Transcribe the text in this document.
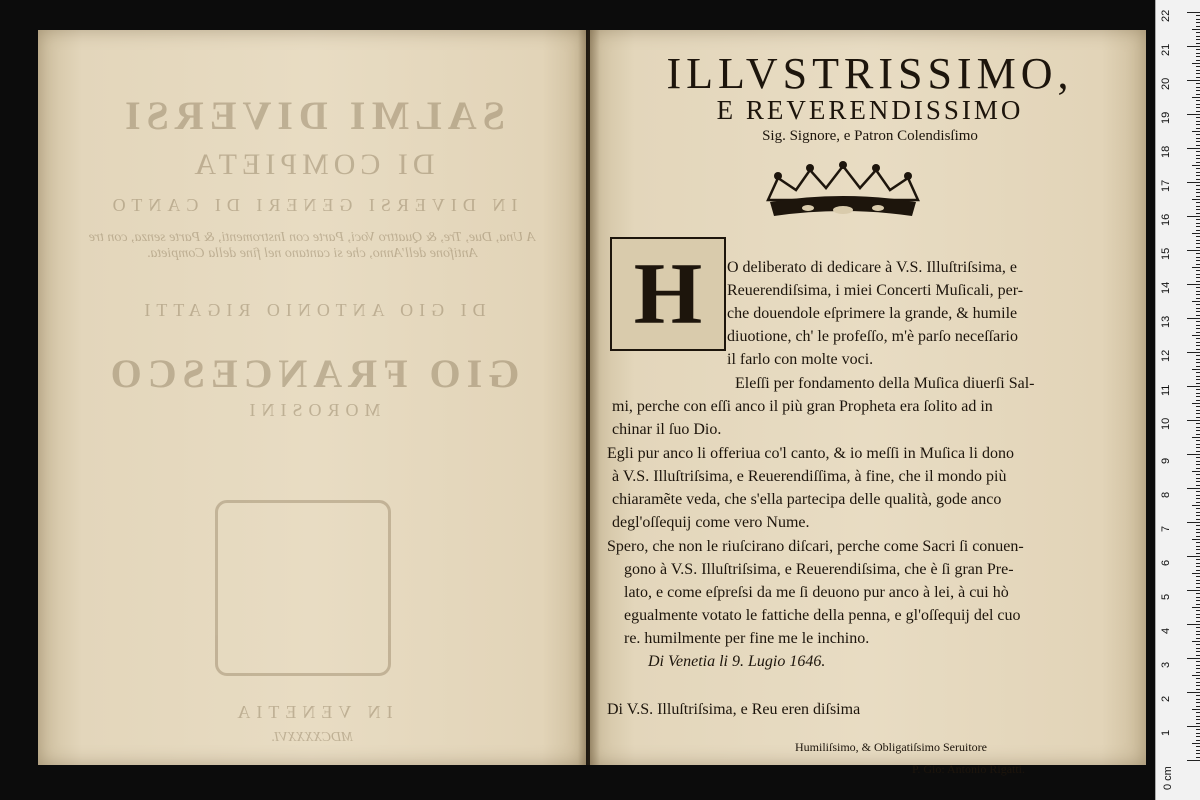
SALMI DIVERSI
DI COMPIETA
IN DIVERSI GENERI DI CANTO
A Una, Due, Tre, & Quattro Voci, Parte con Instromenti, & Parte senza, con tre Antifone dell'Anno, che si cantano nel fine della Compieta.
DI GIO ANTONIO RIGATTI
GIO FRANCESCO
MOROSINI
IN VENETIA
MDCXXXXVI.
ILLVSTRISSIMO,
E REVERENDISSIMO
Sig. Signore, e Patron Colendisſimo
H	O deliberato di dedicare à V.S. Illuſtriſsima, e
Reuerendiſsima, i miei Concerti Muſicali, per-
che douendole eſprimere la grande, & humile
diuotione, ch' le profeſſo, m'è parſo neceſſario
il farlo con molte voci.
Eleſſi per fondamento della Muſica diuerſi Sal-
mi, perche con eſſi anco il più gran Propheta era ſolito ad in
chinar il ſuo Dio.
Egli pur anco li offeriua co'l canto, & io meſſi in Muſica li dono
à V.S. Illuſtriſsima, e Reuerendiſſima, à fine, che il mondo più
chiaramẽte veda, che s'ella partecipa delle qualità, gode anco
degl'oſſequij come vero Nume.
Spero, che non le riuſcirano diſcari, perche come Sacri ſi conuen-
gono à V.S. Illuſtriſsima, e Reuerendiſsima, che è ſi gran Pre-
lato, e come eſpreſsi da me ſi deuono pur anco à lei, à cui hò
egualmente votato le fattiche della penna, e gl'oſſequij del cuo
re. humilmente per fine me le inchino.
Di Venetia li 9. Lugio 1646.
Di V.S. Illuſtriſsima, e Reu eren diſsima
Humiliſsimo, & Obligatiſsimo Seruitore
P. Gio: Antonio Rigatti.	0 cm
1
2
3
4
5
6
7
8
9
10
11
12
13
14
15
16
17
18
19
20
21
22
